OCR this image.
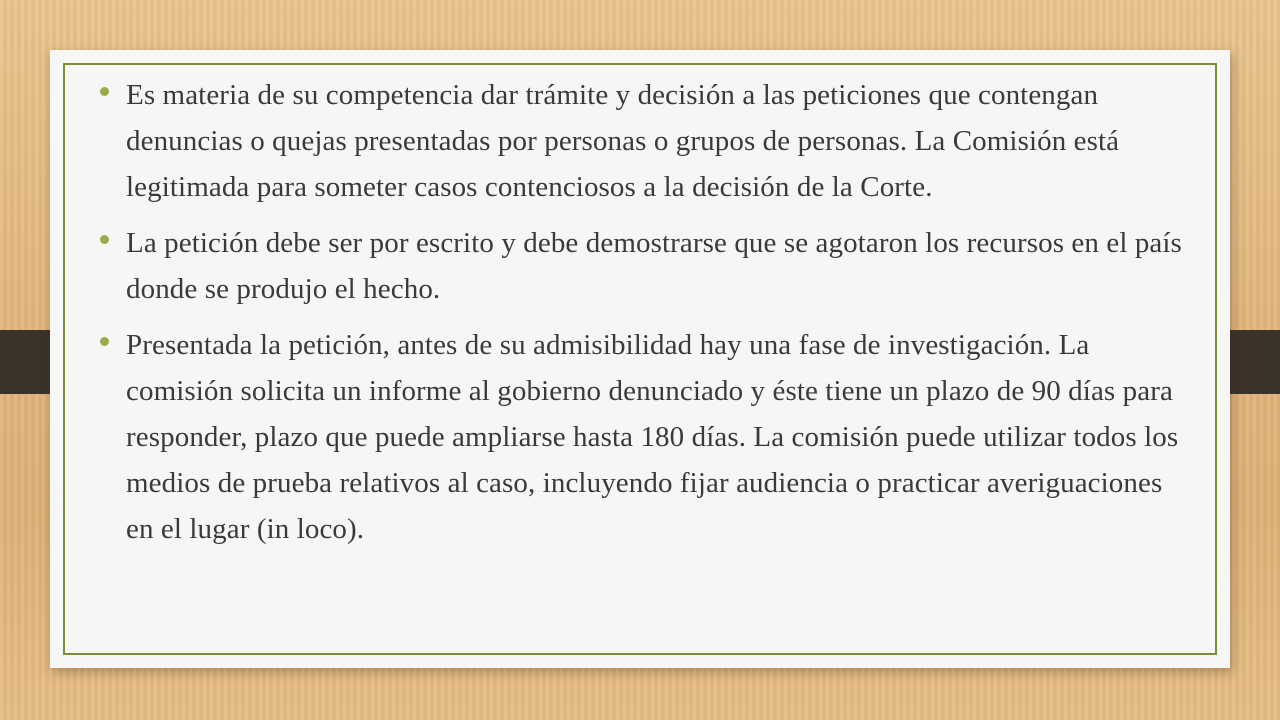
Es materia de su competencia dar trámite y decisión a las peticiones que contengan denuncias o quejas presentadas por personas o grupos de personas. La Comisión está legitimada para someter casos contenciosos a la decisión de la Corte.
La petición debe ser por escrito y debe demostrarse que se agotaron los recursos en el país donde se produjo el hecho.
Presentada la petición, antes de su admisibilidad hay una fase de investigación. La comisión solicita un informe al gobierno denunciado y éste tiene un plazo de 90 días para responder, plazo que puede ampliarse hasta 180 días. La comisión puede utilizar todos los medios de prueba relativos al caso, incluyendo fijar audiencia o practicar averiguaciones en el lugar (in loco).
